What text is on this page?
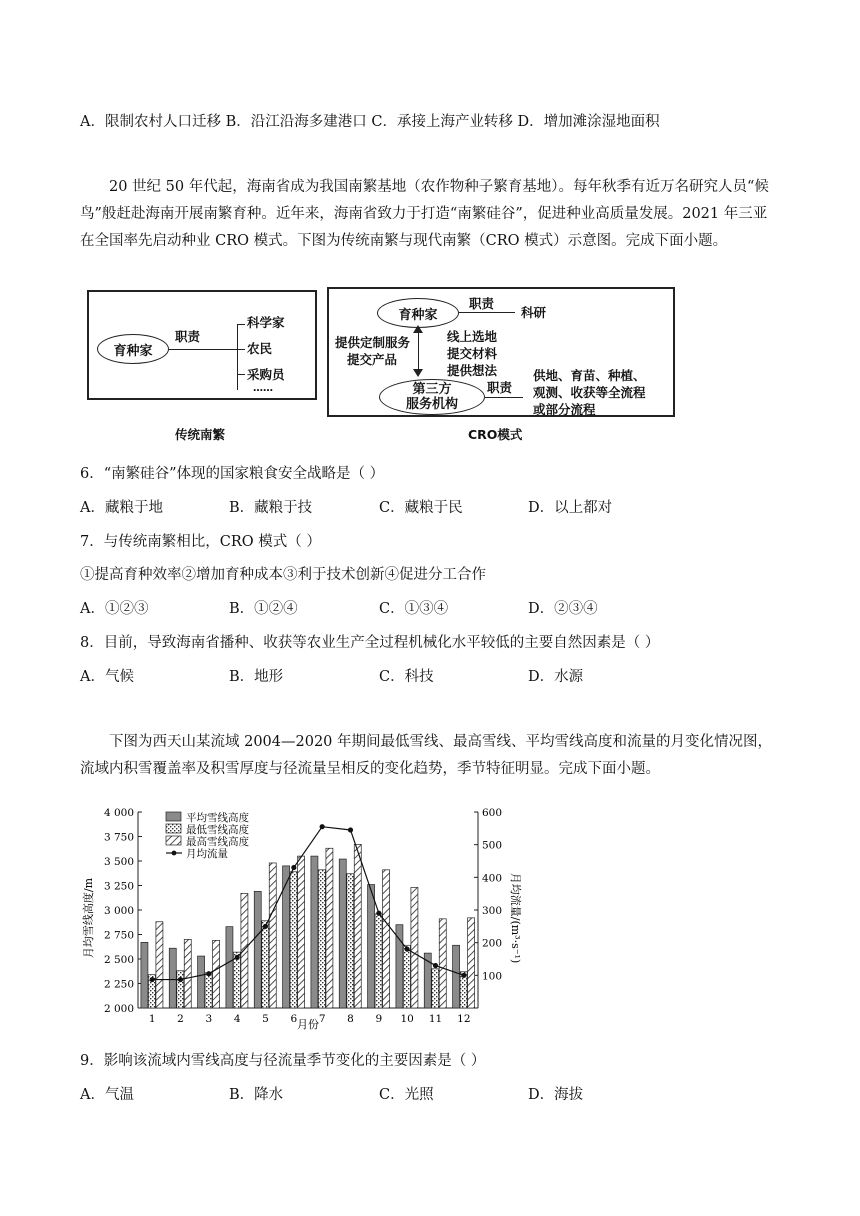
A．限制农村人口迁移 B．沿江沿海多建港口 C．承接上海产业转移 D．增加滩涂湿地面积
20 世纪 50 年代起，海南省成为我国南繁基地（农作物种子繁育基地）。每年秋季有近万名研究人员“候鸟”般赶赴海南开展南繁育种。近年来，海南省致力于打造“南繁硅谷”，促进种业高质量发展。2021 年三亚在全国率先启动种业 CRO 模式。下图为传统南繁与现代南繁（CRO 模式）示意图。完成下面小题。
育种家
职责
科学家
农民
采购员
……
传统南繁
育种家
职责
科研
提供定制服务
提交产品
线上选地
提交材料
提供想法
第三方
服务机构
职责
供地、育苗、种植、
观测、收获等全流程
或部分流程
CRO模式
6．“南繁硅谷”体现的国家粮食安全战略是（ ）
A．藏粮于地	B．藏粮于技	C．藏粮于民	D．以上都对
7．与传统南繁相比，CRO 模式（ ）
①提高育种效率②增加育种成本③利于技术创新④促进分工合作
A．①②③	B．①②④	C．①③④	D．②③④
8．目前，导致海南省播种、收获等农业生产全过程机械化水平较低的主要自然因素是（ ）
A．气候	B．地形	C．科技	D．水源
下图为西天山某流域 2004—2020 年期间最低雪线、最高雪线、平均雪线高度和流量的月变化情况图，流域内积雪覆盖率及积雪厚度与径流量呈相反的变化趋势，季节特征明显。完成下面小题。
2 000
2 250
2 500
2 750
3 000
3 250
3 500
3 750
4 000
100
200
300
400
500
600
1 2 3 4 5 6 7 8 9 10 11 12
平均雪线高度
最低雪线高度
最高雪线高度
月均流量
月均雪线高度/m	月均流量/(m³·s⁻¹)
月份
9．影响该流域内雪线高度与径流量季节变化的主要因素是（ ）
A．气温	B．降水	C．光照	D．海拔
